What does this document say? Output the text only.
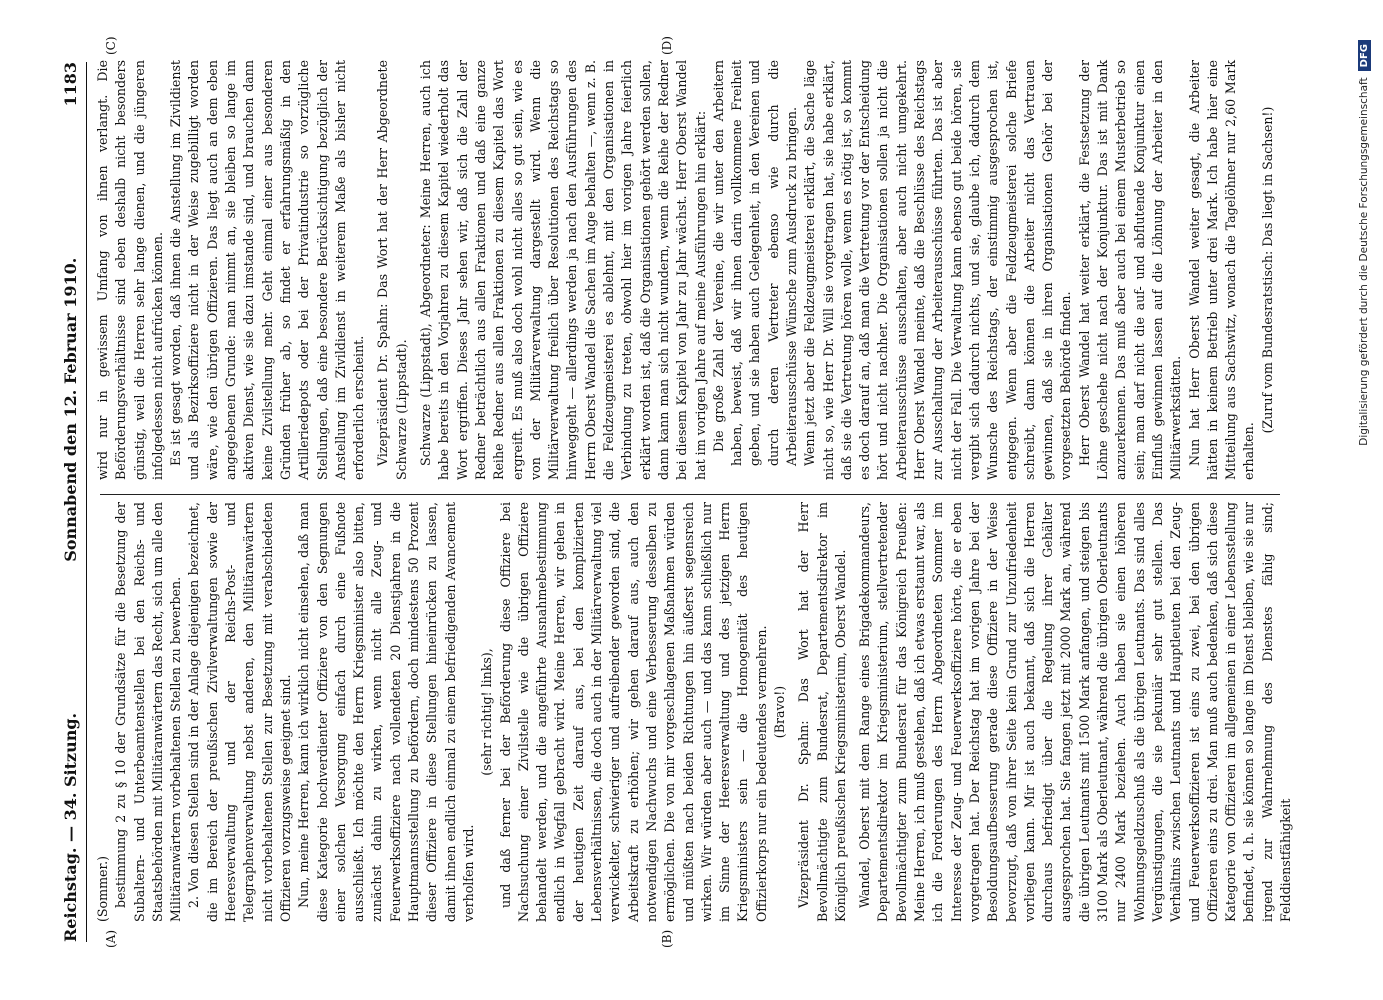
Reichstag. — 34. Sitzung.
Sonnabend den 12. Februar 1910.
1183
(A)	(B)
(C)	(D)

(Sommer.) bestimmung 2 zu § 10 der Grundsätze für die Besetzung der Subaltern- und Unterbeamtenstellen bei den Reichs- und Staatsbehörden mit Militäranwärtern das Recht, sich um alle den Militäranwärtern vorbehaltenen Stellen zu bewerben. 2. Von diesen Stellen sind in der Anlage diejenigen bezeichnet, die im Bereich der preußischen Zivilverwaltungen sowie der Heeresverwaltung und der Reichs-Post- und Telegraphenverwaltung nebst anderen, den Militäranwärtern nicht vorbehaltenen Stellen zur Besetzung mit verabschiedeten Offizieren vorzugsweise geeignet sind. Nun, meine Herren, kann ich wirklich nicht einsehen, daß man diese Kategorie hochverdienter Offiziere von den Segnungen einer solchen Versorgung einfach durch eine Fußnote ausschließt. Ich möchte den Herrn Kriegsminister also bitten, zunächst dahin zu wirken, wenn nicht alle Zeug- und Feuerwerksoffiziere nach vollendeten 20 Dienstjahren in die Hauptmannsstellung zu befördern, doch mindestens 50 Prozent dieser Offiziere in diese Stellungen hineinrücken zu lassen, damit ihnen endlich einmal zu einem befriedigenden Avancement verholfen wird.

(sehr richtig! links), und daß ferner bei der Beförderung diese Offiziere bei Nachsuchung einer Zivilstelle wie die übrigen Offiziere behandelt werden, und die angeführte Ausnahmebestimmung endlich in Wegfall gebracht wird. Meine Herren, wir gehen in der heutigen Zeit darauf aus, bei den komplizierten Lebensverhältnissen, die doch auch in der Militärverwaltung viel verwickelter, schwieriger und aufreibender geworden sind, die Arbeitskraft zu erhöhen; wir gehen darauf aus, auch den notwendigen Nachwuchs und eine Verbesserung desselben zu ermöglichen. Die von mir vorgeschlagenen Maßnahmen würden und müßten nach beiden Richtungen hin äußerst segensreich wirken. Wir würden aber auch — und das kann schließlich nur im Sinne der Heeresverwaltung und des jetzigen Herrn Kriegsministers sein — die Homogenität des heutigen Offizierkorps nur ein bedeutendes vermehren. (Bravo!) Vizepräsident Dr. Spahn: Das Wort hat der Herr Bevollmächtigte zum Bundesrat, Departementsdirektor im Königlich preußischen Kriegsministerium, Oberst Wandel. Wandel, Oberst mit dem Range eines Brigadekommandeurs, Departementsdirektor im Kriegsministerium, stellvertretender Bevollmächtigter zum Bundesrat für das Königreich Preußen: Meine Herren, ich muß gestehen, daß ich etwas erstaunt war, als ich die Forderungen des Herrn Abgeordneten Sommer im Interesse der Zeug- und Feuerwerksoffiziere hörte, die er eben vorgetragen hat. Der Reichstag hat im vorigen Jahre bei der Besoldungsaufbesserung gerade diese Offiziere in der Weise bevorzugt, daß von ihrer Seite kein Grund zur Unzufriedenheit vorliegen kann. Mir ist auch bekannt, daß sich die Herren durchaus befriedigt über die Regelung ihrer Gehälter ausgesprochen hat. Sie fangen jetzt mit 2000 Mark an, während die übrigen Leutnants mit 1500 Mark anfangen, und steigen bis 3100 Mark als Oberleutnant, während die übrigen Oberleutnants nur 2400 Mark beziehen. Auch haben sie einen höheren Wohnungsgeldzuschuß als die übrigen Leutnants. Das sind alles Vergünstigungen, die sie pekuniär sehr gut stellen. Das Verhältnis zwischen Leutnants und Hauptleuten bei den Zeug- und Feuerwerksoffizieren ist eins zu zwei, bei den übrigen Offizieren eins zu drei. Man muß auch bedenken, daß sich diese Kategorie von Offizieren im allgemeinen in einer Lebensstellung befindet, d. h. sie können so lange im Dienst bleiben, wie sie nur irgend zur Wahrnehmung des Dienstes fähig sind; Felddienstfähigkeit

wird nur in gewissem Umfang von ihnen verlangt. Die Beförderungsverhältnisse sind eben deshalb nicht besonders günstig, weil die Herren sehr lange dienen, und die jüngeren infolgedessen nicht aufrücken können. Es ist gesagt worden, daß ihnen die Anstellung im Zivildienst und als Bezirksoffiziere nicht in der Weise zugebilligt worden wäre, wie den übrigen Offizieren. Das liegt auch an dem eben angegebenen Grunde: man nimmt an, sie bleiben so lange im aktiven Dienst, wie sie dazu imstande sind, und brauchen dann keine Zivilstellung mehr. Geht einmal einer aus besonderen Gründen früher ab, so findet er erfahrungsmäßig in den Artilleriedepots oder bei der Privatindustrie so vorzügliche Stellungen, daß eine besondere Berücksichtigung bezüglich der Anstellung im Zivildienst in weiterem Maße als bisher nicht erforderlich erscheint. Vizepräsident Dr. Spahn: Das Wort hat der Herr Abgeordnete Schwarze (Lippstadt). Schwarze (Lippstadt), Abgeordneter: Meine Herren, auch ich habe bereits in den Vorjahren zu diesem Kapitel wiederholt das Wort ergriffen. Dieses Jahr sehen wir, daß sich die Zahl der Redner beträchtlich aus allen Fraktionen und daß eine ganze Reihe Redner aus allen Fraktionen zu diesem Kapitel das Wort ergreift. Es muß also doch wohl nicht alles so gut sein, wie es von der Militärverwaltung dargestellt wird. Wenn die Militärverwaltung freilich über Resolutionen des Reichstags so hinweggeht — allerdings werden ja nach den Ausführungen des Herrn Oberst Wandel die Sachen im Auge behalten —, wenn z. B. die Feldzeugmeisterei es ablehnt, mit den Organisationen in Verbindung zu treten, obwohl hier im vorigen Jahre feierlich erklärt worden ist, daß die Organisationen gehört werden sollen, dann kann man sich nicht wundern, wenn die Reihe der Redner bei diesem Kapitel von Jahr zu Jahr wächst. Herr Oberst Wandel hat im vorigen Jahre auf meine Ausführungen hin erklärt: Die große Zahl der Vereine, die wir unter den Arbeitern haben, beweist, daß wir ihnen darin vollkommene Freiheit geben, und sie haben auch Gelegenheit, in den Vereinen und durch deren Vertreter ebenso wie durch die Arbeiterausschüsse Wünsche zum Ausdruck zu bringen. Wenn jetzt aber die Feldzeugmeisterei erklärt, die Sache läge nicht so, wie Herr Dr. Will sie vorgetragen hat, sie habe erklärt, daß sie die Vertretung hören wolle, wenn es nötig ist, so kommt es doch darauf an, daß man die Vertretung vor der Entscheidung hört und nicht nachher. Die Organisationen sollen ja nicht die Arbeiterausschüsse ausschalten, aber auch nicht umgekehrt. Herr Oberst Wandel meinte, daß die Beschlüsse des Reichstags zur Ausschaltung der Arbeiterausschüsse führten. Das ist aber nicht der Fall. Die Verwaltung kann ebenso gut beide hören, sie vergibt sich dadurch nichts, und sie, glaube ich, dadurch dem Wunsche des Reichstags, der einstimmig ausgesprochen ist, entgegen. Wenn aber die Feldzeugmeisterei solche Briefe schreibt, dann können die Arbeiter nicht das Vertrauen gewinnen, daß sie in ihren Organisationen Gehör bei der vorgesetzten Behörde finden. Herr Oberst Wandel hat weiter erklärt, die Festsetzung der Löhne geschehe nicht nach der Konjunktur. Das ist mit Dank anzuerkennen. Das muß aber auch bei einem Musterbetrieb so sein; man darf nicht die auf- und abflutende Konjunktur einen Einfluß gewinnen lassen auf die Löhnung der Arbeiter in den Militärwerkstätten. Nun hat Herr Oberst Wandel weiter gesagt, die Arbeiter hätten in keinem Betrieb unter drei Mark. Ich habe hier eine Mitteilung aus Sachswitz, wonach die Tagelöhner nur 2,60 Mark erhalten.

(Zuruf vom Bundesratstisch: Das liegt in Sachsen!)	Digitalisierung gefördert durch die Deutsche Forschungsgemeinschaft
DFG
